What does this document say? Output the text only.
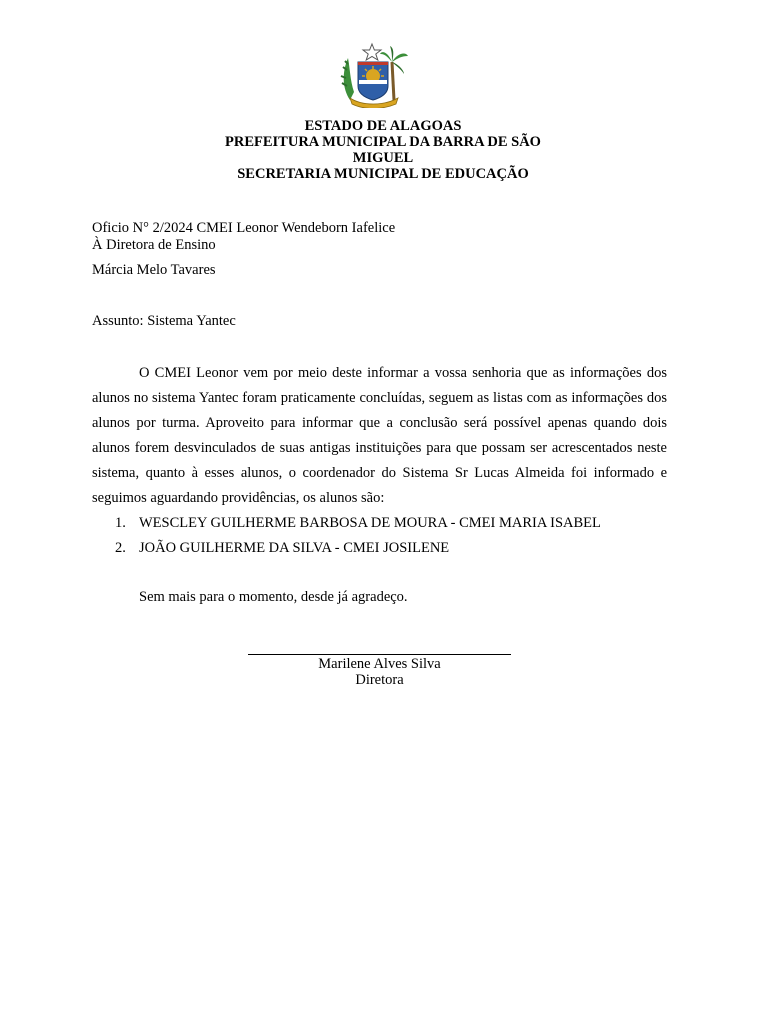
ESTADO DE ALAGOAS
PREFEITURA MUNICIPAL DA BARRA DE SÃO
MIGUEL
SECRETARIA MUNICIPAL DE EDUCAÇÃO
Oficio N° 2/2024 CMEI Leonor Wendeborn Iafelice
À Diretora de Ensino
Márcia Melo Tavares
Assunto: Sistema Yantec

O CMEI Leonor vem por meio deste informar a vossa senhoria que as informações dos alunos no sistema Yantec foram praticamente concluídas, seguem as listas com as informações dos alunos por turma. Aproveito para informar que a conclusão será possível apenas quando dois alunos forem desvinculados de suas antigas instituições para que possam ser acrescentados neste sistema, quanto à esses alunos, o coordenador do Sistema Sr Lucas Almeida foi informado e seguimos aguardando providências, os alunos são:

1. WESCLEY GUILHERME BARBOSA DE MOURA - CMEI MARIA ISABEL
2. JOÃO GUILHERME DA SILVA - CMEI JOSILENE
Sem mais para o momento, desde já agradeço.
Marilene Alves Silva
Diretora
